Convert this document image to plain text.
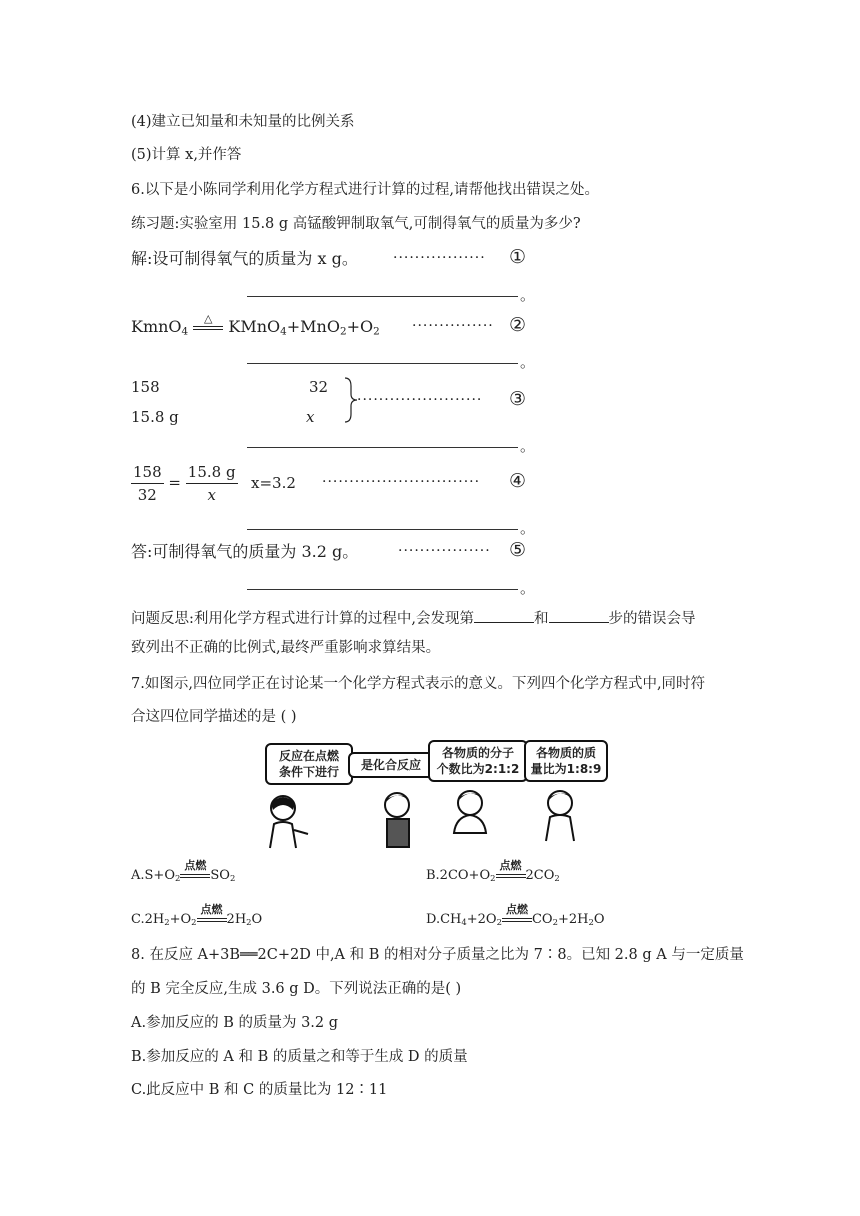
(4)建立已知量和未知量的比例关系
(5)计算 x,并作答
6.以下是小陈同学利用化学方程式进行计算的过程,请帮他找出错误之处。
练习题:实验室用 15.8 g 高锰酸钾制取氧气,可制得氧气的质量为多少?
解:设可制得氧气的质量为 x g。	················· ①
。
KmnO$_4$
△ $KMnO_4+MnO_2+O_2$ ··············· ②
。
158	32
15.8 g	x
······················· ③
。
$\frac{158}{32} = \frac{15.8 g}{x} x=3.2$ ····························· ④
。
答:可制得氧气的质量为 3.2 g。	················· ⑤
。
问题反思:利用化学方程式进行计算的过程中,会发现第	和	步的错误会导
致列出不正确的比例式,最终严重影响求算结果。
7.如图示,四位同学正在讨论某一个化学方程式表示的意义。下列四个化学方程式中,同时符
合这四位同学描述的是 ( )
反应在点燃
条件下进行	是化合反应
各物质的分子
个数比为2:1:2
各物质的质
量比为1:8:9
$A.S+O_2$
点燃
$SO_2$	$B.2CO+O_2$
点燃
$2CO_2$
$C.2H_2+O_2$
点燃
$2H_2O$	$D.CH_4+2O_2$
点燃
$CO_2+2H_2O$
8. 在反应 A+3B══2C+2D 中,A 和 B 的相对分子质量之比为 7∶8。已知 2.8 g A 与一定质量
的 B 完全反应,生成 3.6 g D。下列说法正确的是( )
A.参加反应的 B 的质量为 3.2 g
B.参加反应的 A 和 B 的质量之和等于生成 D 的质量
C.此反应中 B 和 C 的质量比为 12∶11
